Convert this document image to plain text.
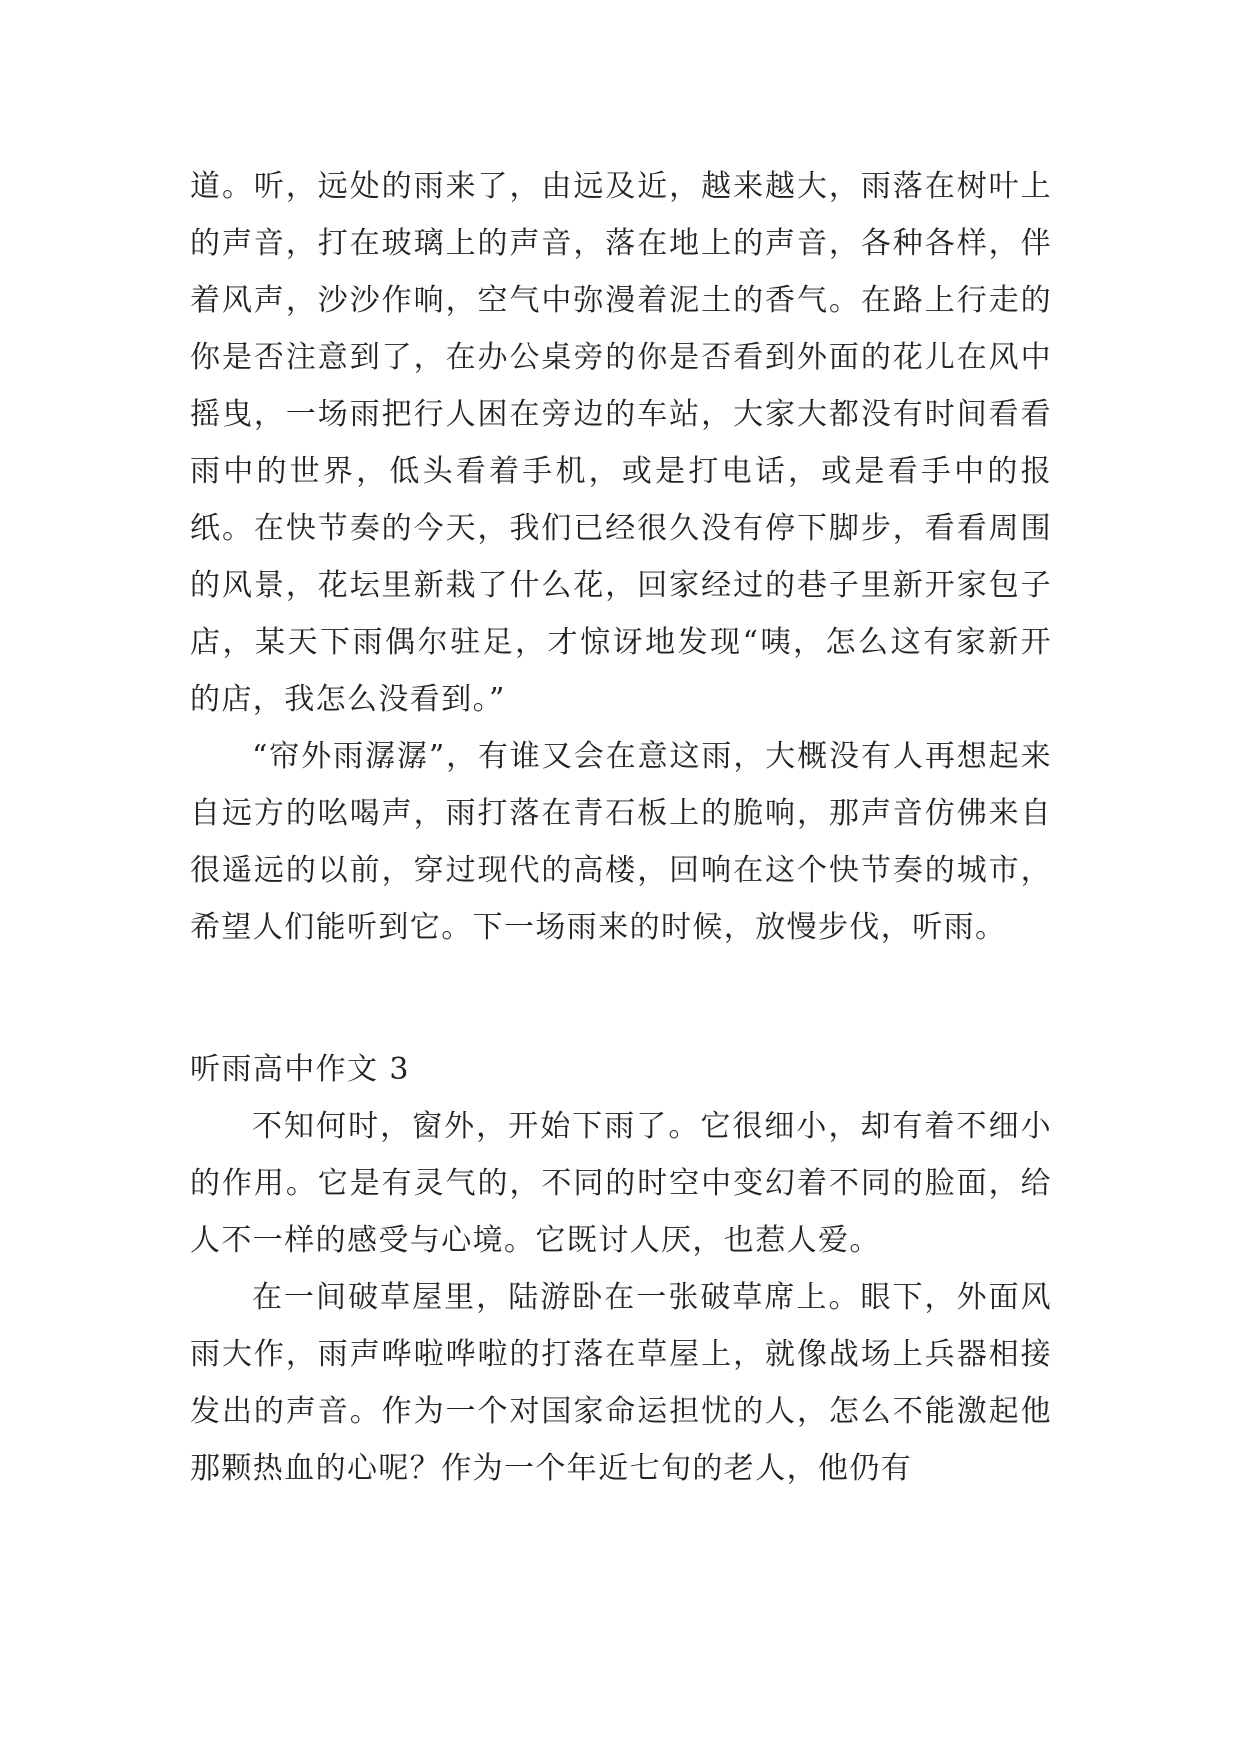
道。听，远处的雨来了，由远及近，越来越大，雨落在树叶上的声音，打在玻璃上的声音，落在地上的声音，各种各样，伴着风声，沙沙作响，空气中弥漫着泥土的香气。在路上行走的你是否注意到了，在办公桌旁的你是否看到外面的花儿在风中摇曳，一场雨把行人困在旁边的车站，大家大都没有时间看看雨中的世界，低头看着手机，或是打电话，或是看手中的报纸。在快节奏的今天，我们已经很久没有停下脚步，看看周围的风景，花坛里新栽了什么花，回家经过的巷子里新开家包子店，某天下雨偶尔驻足，才惊讶地发现“咦，怎么这有家新开的店，我怎么没看到。”

“帘外雨潺潺”，有谁又会在意这雨，大概没有人再想起来自远方的吆喝声，雨打落在青石板上的脆响，那声音仿佛来自很遥远的以前，穿过现代的高楼，回响在这个快节奏的城市，希望人们能听到它。下一场雨来的时候，放慢步伐，听雨。

听雨高中作文 3

不知何时，窗外，开始下雨了。它很细小，却有着不细小的作用。它是有灵气的，不同的时空中变幻着不同的脸面，给人不一样的感受与心境。它既讨人厌，也惹人爱。

在一间破草屋里，陆游卧在一张破草席上。眼下，外面风雨大作，雨声哗啦哗啦的打落在草屋上，就像战场上兵器相接发出的声音。作为一个对国家命运担忧的人，怎么不能激起他那颗热血的心呢？作为一个年近七旬的老人，他仍有
